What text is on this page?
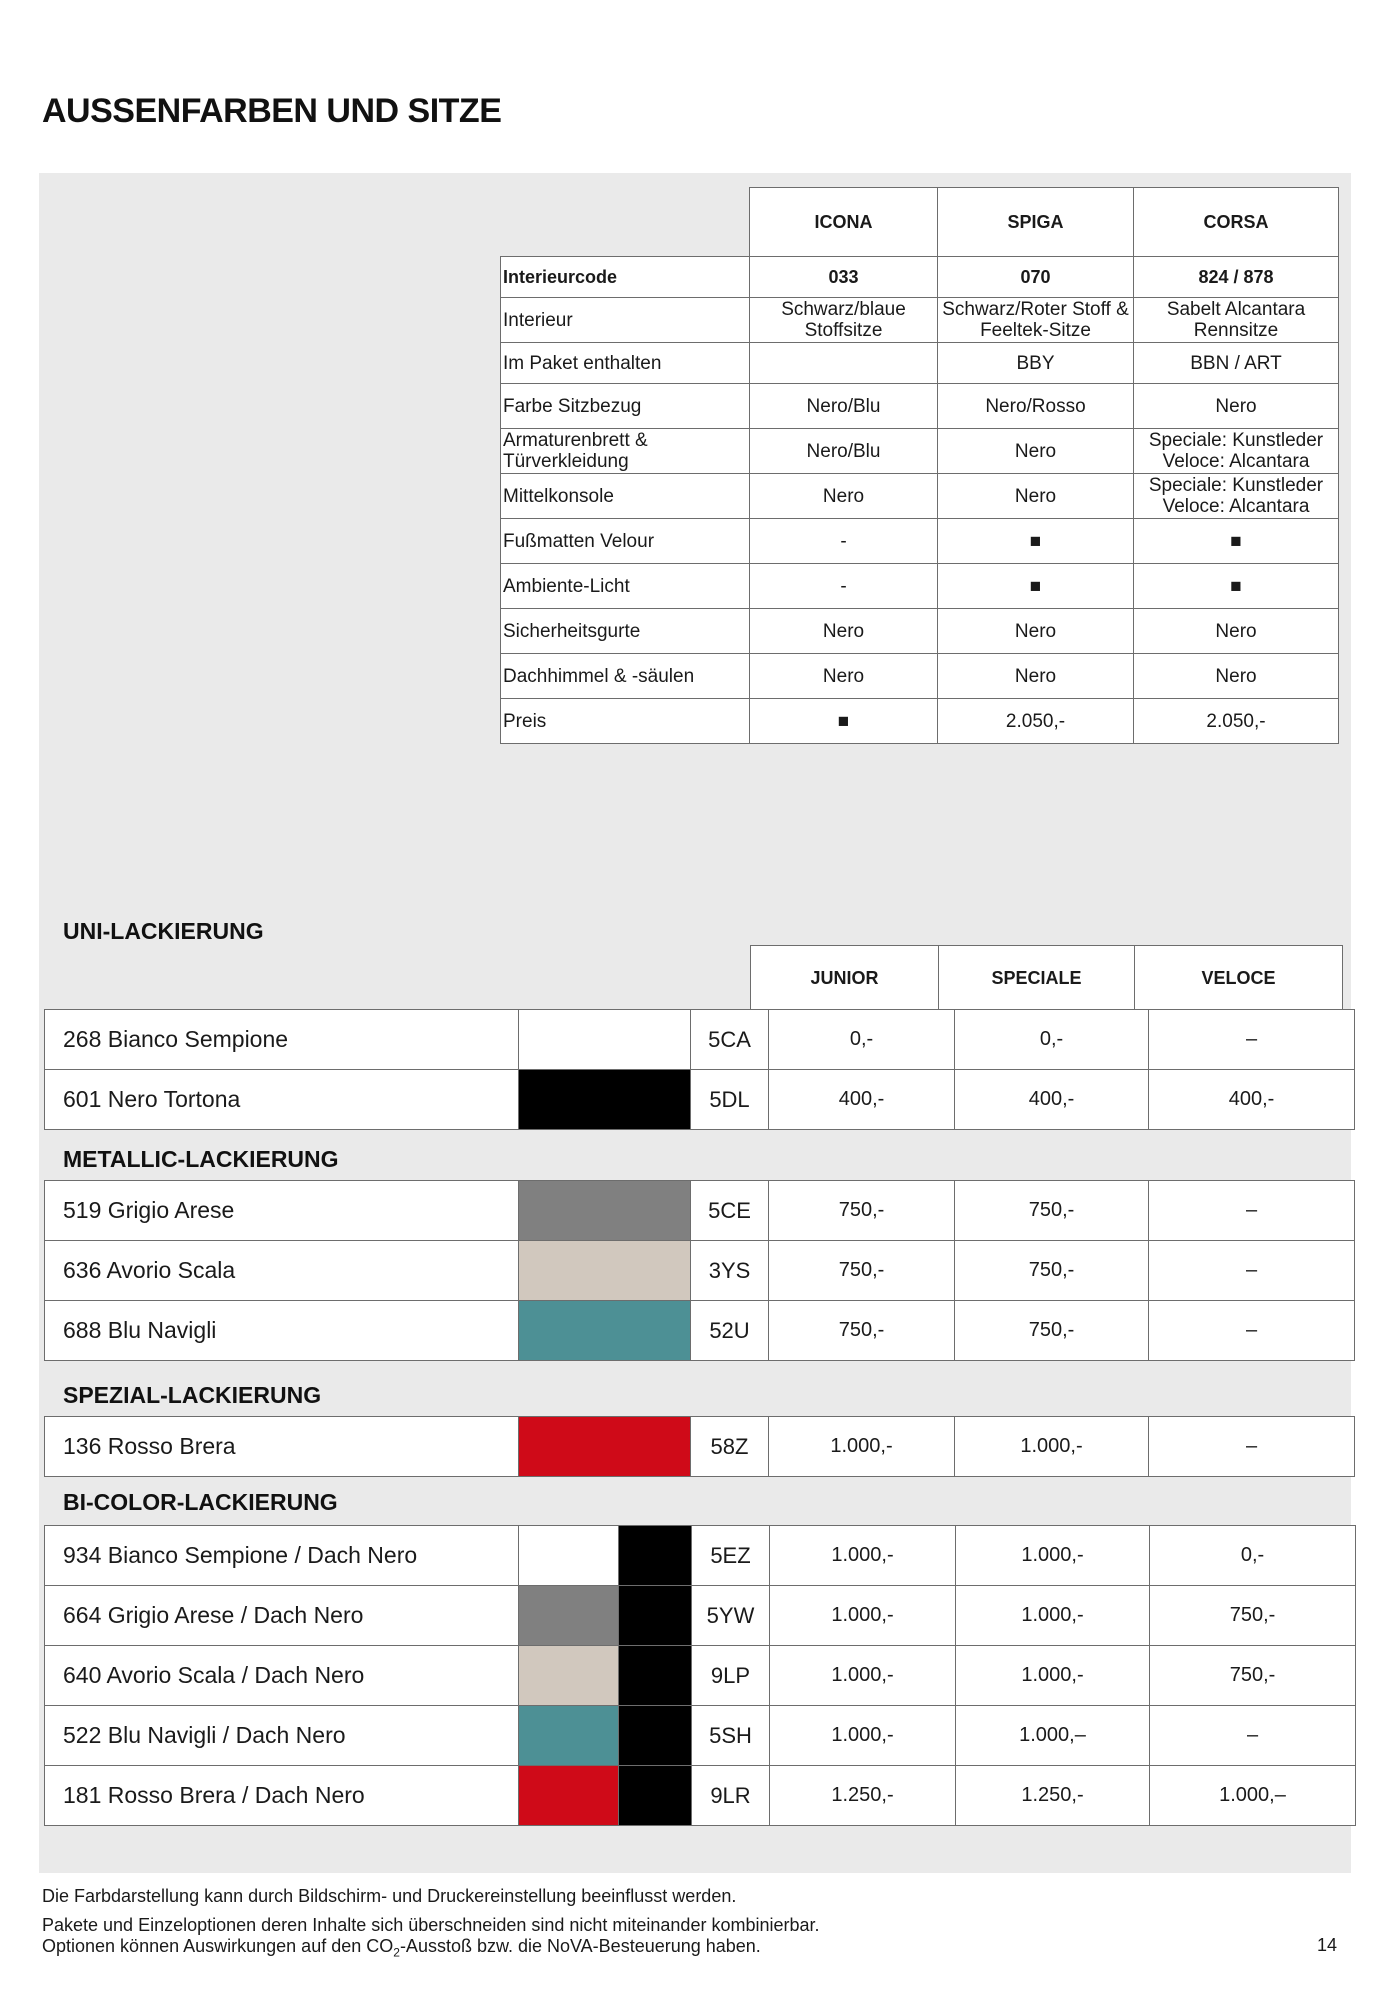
AUSSENFARBEN UND SITZE
	ICONA	SPIGA	CORSA
Interieurcode	033	070	824 / 878
Interieur	Schwarz/blaue Stoffsitze	Schwarz/Roter Stoff & Feeltek-Sitze	Sabelt Alcantara Rennsitze
Im Paket enthalten		BBY	BBN / ART
Farbe Sitzbezug	Nero/Blu	Nero/Rosso	Nero
Armaturenbrett & Türverkleidung	Nero/Blu	Nero	Speciale: Kunstleder Veloce: Alcantara
Mittelkonsole	Nero	Nero	Speciale: Kunstleder Veloce: Alcantara
Fußmatten Velour	-	■	■
Ambiente-Licht	-	■	■
Sicherheitsgurte	Nero	Nero	Nero
Dachhimmel & -säulen	Nero	Nero	Nero
Preis	■	2.050,-	2.050,-
UNI-LACKIERUNG
JUNIOR	SPECIALE	VELOCE
268 Bianco Sempione		5CA	0,-	0,-	–
601 Nero Tortona		5DL	400,-	400,-	400,-
METALLIC-LACKIERUNG
519 Grigio Arese		5CE	750,-	750,-	–
636 Avorio Scala		3YS	750,-	750,-	–
688 Blu Navigli		52U	750,-	750,-	–
SPEZIAL-LACKIERUNG
136 Rosso Brera		58Z	1.000,-	1.000,-	–
BI-COLOR-LACKIERUNG
934 Bianco Sempione / Dach Nero			5EZ	1.000,-	1.000,-	0,-
664 Grigio Arese / Dach Nero			5YW	1.000,-	1.000,-	750,-
640 Avorio Scala / Dach Nero			9LP	1.000,-	1.000,-	750,-
522 Blu Navigli / Dach Nero			5SH	1.000,-	1.000,–	–
181 Rosso Brera / Dach Nero			9LR	1.250,-	1.250,-	1.000,–

Die Farbdarstellung kann durch Bildschirm- und Druckereinstellung beeinflusst werden.

Pakete und Einzeloptionen deren Inhalte sich überschneiden sind nicht miteinander kombinierbar.

Optionen können Auswirkungen auf den $CO_2$-Ausstoß bzw. die NoVA-Besteuerung haben.	14
